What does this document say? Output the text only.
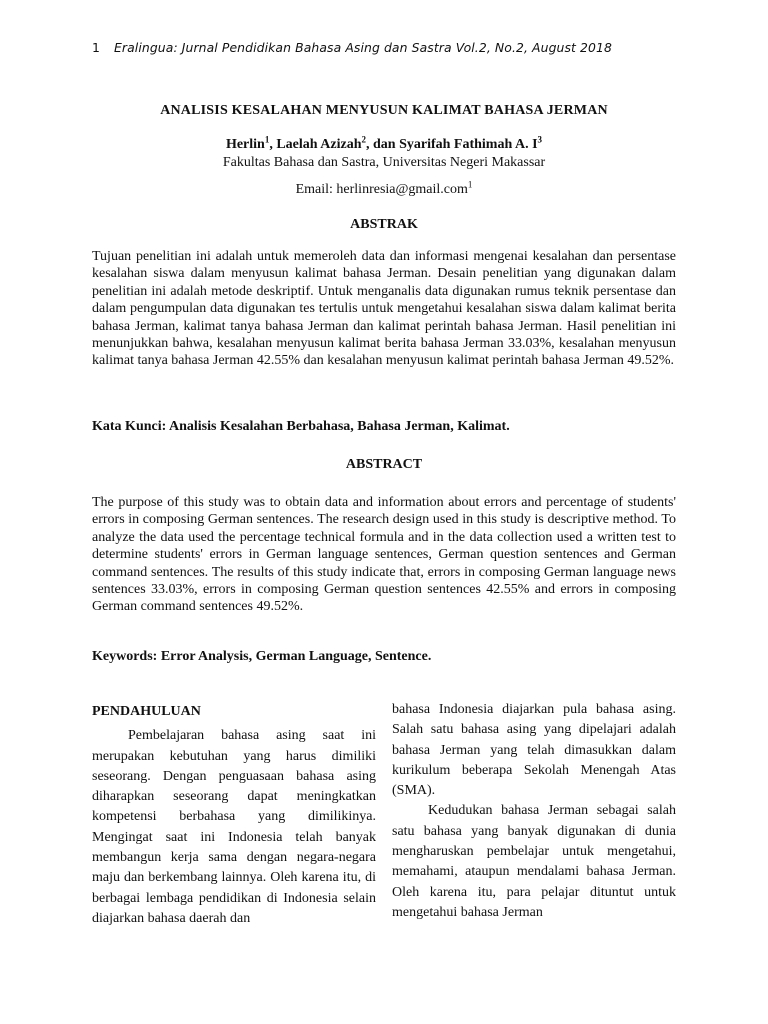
1 Eralingua: Jurnal Pendidikan Bahasa Asing dan Sastra Vol.2, No.2, August 2018
ANALISIS KESALAHAN MENYUSUN KALIMAT BAHASA JERMAN
Herlin$^1$, Laelah Azizah$^2$, dan Syarifah Fathimah A. $I^3$
Fakultas Bahasa dan Sastra, Universitas Negeri Makassar
Email: herlinresia@gmail.com$^1$
ABSTRAK

Tujuan penelitian ini adalah untuk memeroleh data dan informasi mengenai kesalahan dan persentase kesalahan siswa dalam menyusun kalimat bahasa Jerman. Desain penelitian yang digunakan dalam penelitian ini adalah metode deskriptif. Untuk menganalis data digunakan rumus teknik persentase dan dalam pengumpulan data digunakan tes tertulis untuk mengetahui kesalahan siswa dalam kalimat berita bahasa Jerman, kalimat tanya bahasa Jerman dan kalimat perintah bahasa Jerman. Hasil penelitian ini menunjukkan bahwa, kesalahan menyusun kalimat berita bahasa Jerman 33.03%, kesalahan menyusun kalimat tanya bahasa Jerman 42.55% dan kesalahan menyusun kalimat perintah bahasa Jerman 49.52%.

Kata Kunci: Analisis Kesalahan Berbahasa, Bahasa Jerman, Kalimat.
ABSTRACT

The purpose of this study was to obtain data and information about errors and percentage of students' errors in composing German sentences. The research design used in this study is descriptive method. To analyze the data used the percentage technical formula and in the data collection used a written test to determine students' errors in German language sentences, German question sentences and German command sentences. The results of this study indicate that, errors in composing German language news sentences 33.03%, errors in composing German question sentences 42.55% and errors in composing German command sentences 49.52%.

Keywords: Error Analysis, German Language, Sentence.

PENDAHULUAN

Pembelajaran bahasa asing saat ini merupakan kebutuhan yang harus dimiliki seseorang. Dengan penguasaan bahasa asing diharapkan seseorang dapat meningkatkan kompetensi berbahasa yang dimilikinya. Mengingat saat ini Indonesia telah banyak membangun kerja sama dengan negara-negara maju dan berkembang lainnya. Oleh karena itu, di berbagai lembaga pendidikan di Indonesia selain diajarkan bahasa daerah dan

bahasa Indonesia diajarkan pula bahasa asing. Salah satu bahasa asing yang dipelajari adalah bahasa Jerman yang telah dimasukkan dalam kurikulum beberapa Sekolah Menengah Atas (SMA).

Kedudukan bahasa Jerman sebagai salah satu bahasa yang banyak digunakan di dunia mengharuskan pembelajar untuk mengetahui, memahami, ataupun mendalami bahasa Jerman. Oleh karena itu, para pelajar dituntut untuk mengetahui bahasa Jerman
